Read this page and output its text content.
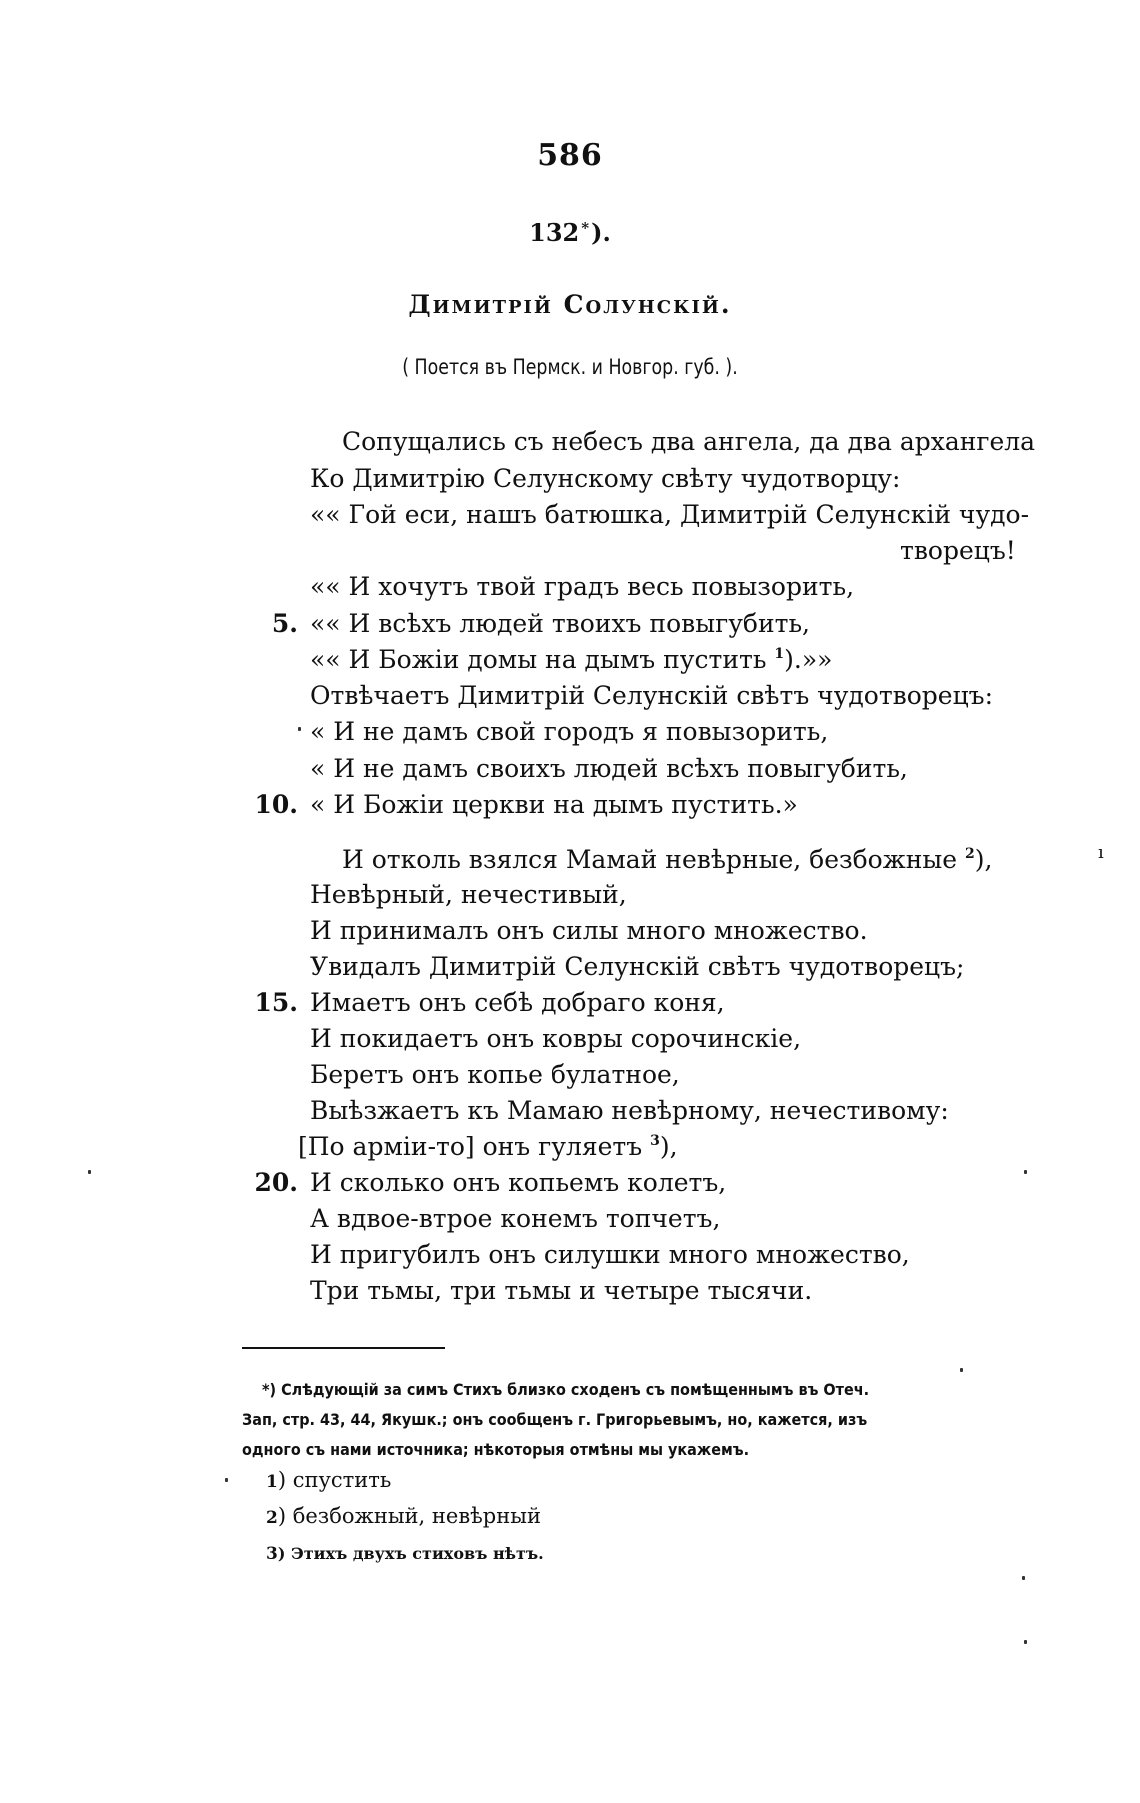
586
132 *).
Димитрій Солунскій.
( Поется въ Пермск. и Новгор. губ. ).
Сопущались съ небесъ два ангела, да два архангела
Ко Димитрію Селунскому свѣту чудотворцу:
«« Гой еси, нашъ батюшка, Димитрій Селунскій чудо-
творецъ!
«« И хочутъ твой градъ весь повызорить,
«« И всѣхъ людей твоихъ повыгубить,
5.
«« И Божіи домы на дымъ пустить $^1$).»»
Отвѣчаетъ Димитрій Селунскій свѣтъ чудотворецъ:
« И не дамъ свой городъ я повызорить,
« И не дамъ своихъ людей всѣхъ повыгубить,
« И Божіи церкви на дымъ пустить.»
10.
И отколь взялся Мамай невѣрные, безбожные $^2$),
Невѣрный, нечестивый,
И принималъ онъ силы много множество.
Увидалъ Димитрій Селунскій свѣтъ чудотворецъ;
Имаетъ онъ себѣ добраго коня,
15.
И покидаетъ онъ ковры сорочинскіе,
Беретъ онъ копье булатное,
Выѣзжаетъ къ Мамаю невѣрному, нечестивому:
[По арміи-то] онъ гуляетъ $^3$),
И сколько онъ копьемъ колетъ,
20.
А вдвое-втрое конемъ топчетъ,
И пригубилъ онъ силушки много множество,
Три тьмы, три тьмы и четыре тысячи.
*) Слѣдующій за симъ Стихъ близко сходенъ съ помѣщеннымъ въ Отеч.
Зап, стр. 43, 44, Якушк.; онъ сообщенъ г. Григорьевымъ, но, кажется, изъ
одного съ нами источника; нѣкоторыя отмѣны мы укажемъ.
1) спустить
2) безбожный, невѣрный
3) Этихъ двухъ стиховъ нѣтъ.
ı
